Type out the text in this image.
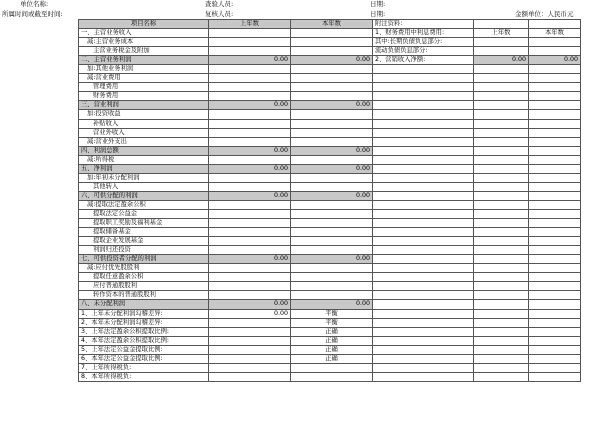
单位名称:
所属时间或截至时间:
查验人员:
复核人员:
日期:
日期:	金额单位：人民币元
项目名称	上年数	本年数	附注资料:		
一、主营业务收入			1、财务费用中利息费用:	上年数	本年数
减:主营业务成本			其中:长期负债负息部分:		
主营业务税金及附加			流动负债负息部分:		
二、主营业务利润	0.00	0.00	2、营销收入净额:	0.00	0.00
加:其他业务利润					
减:营业费用					
管理费用					
财务费用					
三、营业利润	0.00	0.00			
加:投资收益					
补贴收入					
营业外收入					
减:营业外支出					
四、利润总额	0.00	0.00			
减:所得税					
五、净利润	0.00	0.00			
加:年初未分配利润					
其他转入					
六、可供分配的利润	0.00	0.00			
减:提取法定盈余公积					
提取法定公益金					
提取职工奖励及福利基金					
提取储备基金					
提取企业发展基金					
利润归还投资					
七、可供投资者分配的利润	0.00	0.00			
减:应付优先股股利					
提取任意盈余公积					
应付普通股股利					
转作资本的普通股股利					
八、未分配利润	0.00	0.00			
1、上年未分配利润勾稽差异:	0.00	平衡			
2、本年未分配利润勾稽差异:		平衡			
3、上年法定盈余公积提取比例:		正确			
4、本年法定盈余公积提取比例:		正确			
5、上年法定公益金提取比例:		正确			
6、本年法定公益金提取比例:		正确			
7、上年所得税负:					
8、本年所得税负:					
